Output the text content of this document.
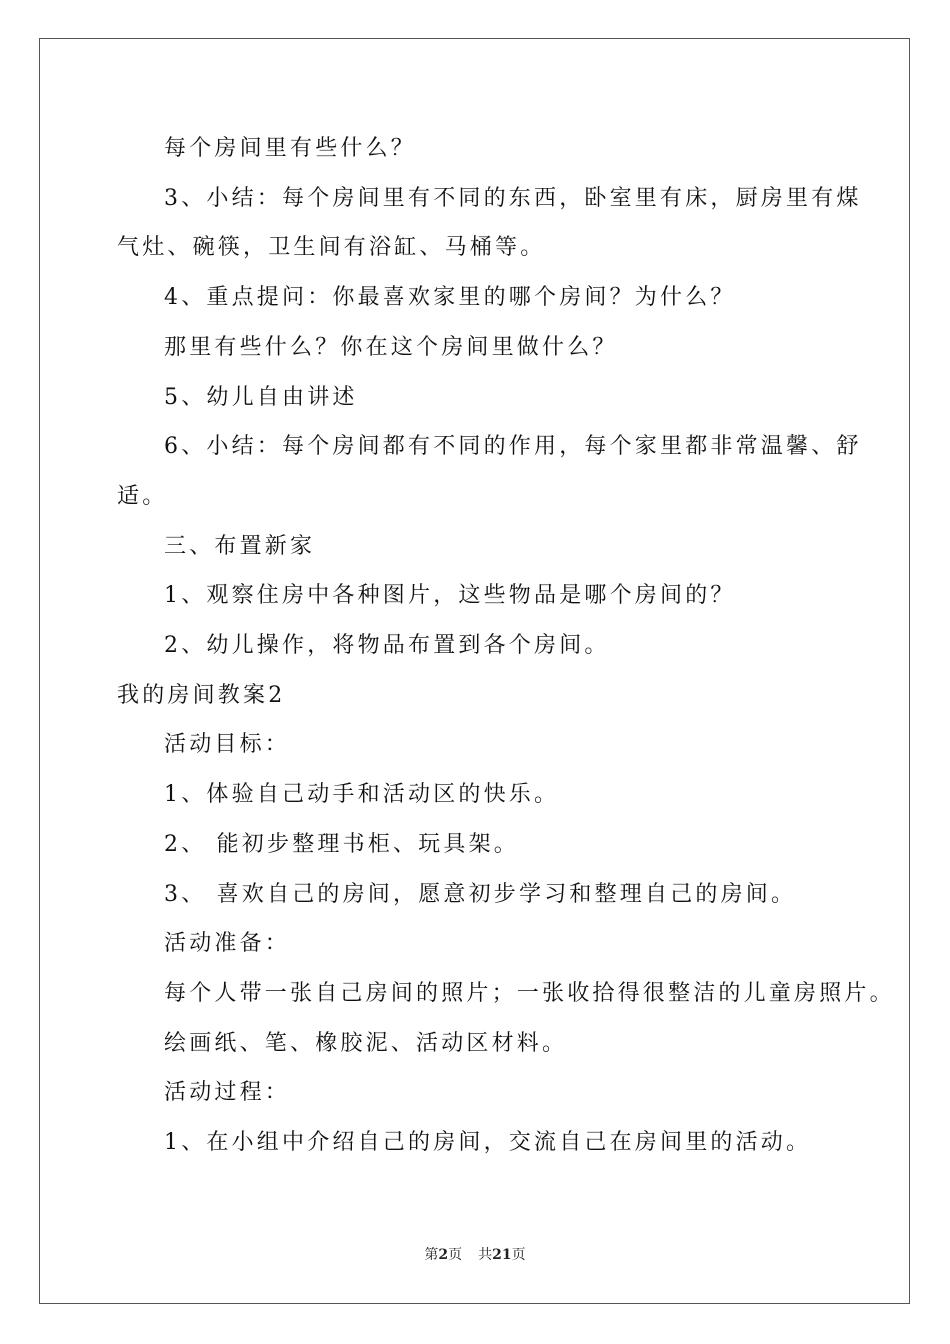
每个房间里有些什么？

3、小结：每个房间里有不同的东西，卧室里有床，厨房里有煤

气灶、碗筷，卫生间有浴缸、马桶等。

4、重点提问：你最喜欢家里的哪个房间？为什么？

那里有些什么？你在这个房间里做什么？

5、幼儿自由讲述

6、小结：每个房间都有不同的作用，每个家里都非常温馨、舒

适。

三、布置新家

1、观察住房中各种图片，这些物品是哪个房间的？

2、幼儿操作，将物品布置到各个房间。

我的房间教案2

活动目标：

1、体验自己动手和活动区的快乐。

2、 能初步整理书柜、玩具架。

3、 喜欢自己的房间，愿意初步学习和整理自己的房间。

活动准备：

每个人带一张自己房间的照片；一张收拾得很整洁的儿童房照片。

绘画纸、笔、橡胶泥、活动区材料。

活动过程：

1、在小组中介绍自己的房间，交流自己在房间里的活动。

第2页 共21页
